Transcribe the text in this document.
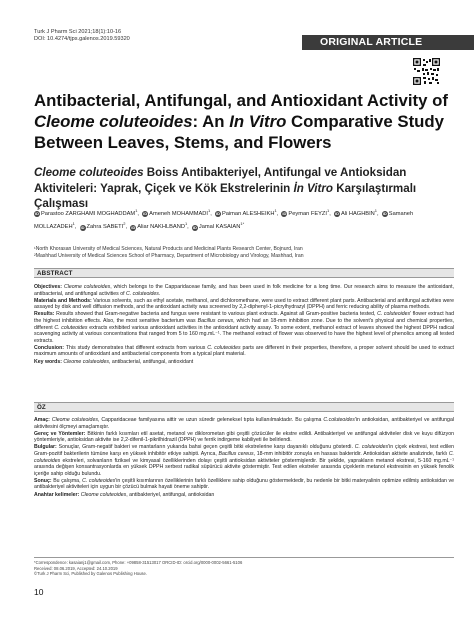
Turk J Pharm Sci 2021;18(1):10-16
DOI: 10.4274/tjps.galenos.2019.59320	ORIGINAL ARTICLE
Antibacterial, Antifungal, and Antioxidant Activity of Cleome coluteoides: An In Vitro Comparative Study Between Leaves, Stems, and Flowers
Cleome coluteoides Boiss Antibakteriyel, Antifungal ve Antioksidan Aktiviteleri: Yaprak, Çiçek ve Kök Ekstrelerinin İn Vitro Karşılaştırmalı Çalışması
iD Parastoo ZARGHAMI MOGHADDAM$^1$,  iD Ameneh MOHAMMADI$^1$,  iD Paiman ALESHEIKH$^1$,  iD Peyman FEYZI$^1$,  iD Ali HAGHBIN$^1$,  iD Samaneh MOLLAZADEH$^1$,  iD Zahra SABETI$^2$,  iD Aliar NAKHLBAND$^1$,  iD Jamal $KASAIAN^{1*}$
¹North Khorasan University of Medical Sciences, Natural Products and Medicinal Plants Research Center, Bojnurd, Iran
²Mashhad University of Medical Sciences School of Pharmacy, Department of Microbiology and Virology, Mashhad, Iran
ABSTRACT

Objectives: Cleome coluteoides, which belongs to the Capparidaceae family, and has been used in folk medicine for a long time. Our research aims to measure the antioxidant, antibacterial, and antifungal activities of C. coluteoides.

Materials and Methods: Various solvents, such as ethyl acetate, methanol, and dichloromethane, were used to extract different plant parts. Antibacterial and antifungal activities were assayed by disk and well diffusion methods, and the antioxidant activity was screened by 2,2-diphenyl-1-picrylhydrazyl (DPPH) and ferric reducing ability of plasma methods.

Results: Results showed that Gram-negative bacteria and fungus were resistant to various plant extracts. Against all Gram-positive bacteria tested, C. coluteoides' flower extract had the highest inhibition effects. Also, the most sensitive bacterium was Bacillus cereus, which had an 18-mm inhibition zone. Due to the solvent's physical and chemical properties, different C. coluteoides extracts exhibited various antioxidant activities in the antioxidant activity assay. To some extent, methanol extract of leaves showed the highest DPPH radical scavenging activity at various concentrations that ranged from 5 to 160 mg.mL⁻¹. The methanol extract of flower was observed to have the highest level of phenolics among all tested extracts.

Conclusion: This study demonstrates that different extracts from various C. coluteoides parts are different in their properties, therefore, a proper solvent should be used to extract maximum amounts of antioxidant and antibacterial components from a typical plant material.

Key words: Cleome coluteoides, antibacterial, antifungal, antioxidant

ÖZ

Amaç: Cleome coluteoides, Capparidaceae familyasına aittir ve uzun süredir geleneksel tıpta kullanılmaktadır. Bu çalışma C.coluteoides'in antioksidan, antibakteriyel ve antifungal aktivitesini ölçmeyi amaçlamıştır.

Gereç ve Yöntemler: Bitkinin farklı kısımları etil asetat, metanol ve diklorometan gibi çeşitli çözücüler ile ekstre edildi. Antibakteriyel ve antifungal aktiviteler disk ve kuyu difüzyon yöntemleriyle, antioksidan aktivite ise 2,2-difenil-1-pikrilhidrazil (DPPH) ve ferrik indirgeme kabiliyeti ile belirlendi.

Bulgular: Sonuçlar, Gram-negatif bakteri ve mantarların yukarıda bahsi geçen çeşitli bitki ekstrelerine karşı dayanıklı olduğunu gösterdi. C. coluteoides'in çiçek ekstresi, test edilen Gram-pozitif bakterilerin tümüne karşı en yüksek inhibitör etkiye sahipti. Ayrıca, Bacillus cereus, 18-mm inhibitör zonuyla en hassas bakteridir. Antioksidan aktivite analizinde, farklı C. coluteoides ekstreleri, solvanların fiziksel ve kimyasal özelliklerinden dolayı çeşitli antioksidan aktiviteler göstermişlerdir. Bir şekilde, yaprakların metanol ekstresi, 5-160 mg.mL⁻¹ arasında değişen konsantrasyonlarda en yüksek DPPH serbest radikal süpürücü aktivite göstermiştir. Test edilen ekstreler arasında çiçeklerin metanol ekstresinin en yüksek fenolik içeriğe sahip olduğu bulundu.

Sonuç: Bu çalışma, C. coluteoides'in çeşitli kısımlarının özelliklerinin farklı özelliklere sahip olduğunu göstermektedir, bu nedenle bir bitki materyalinin optimize edilmiş antioksidan ve antibakteriyel aktiviteleri için uygun bir çözücü bulmak hayati öneme sahiptir.

Anahtar kelimeler: Cleome coluteoides, antibakteriyel, antifungal, antioksidan

*Correspondence: kasaianj1@gmail.com, Phone: +09858-31513017 ORCID-ID: orcid.org/0000-0002-5661-5106
Received: 08.06.2019, Accepted: 24.10.2019
©Turk J Pharm Sci, Published by Galenos Publishing House.
10
